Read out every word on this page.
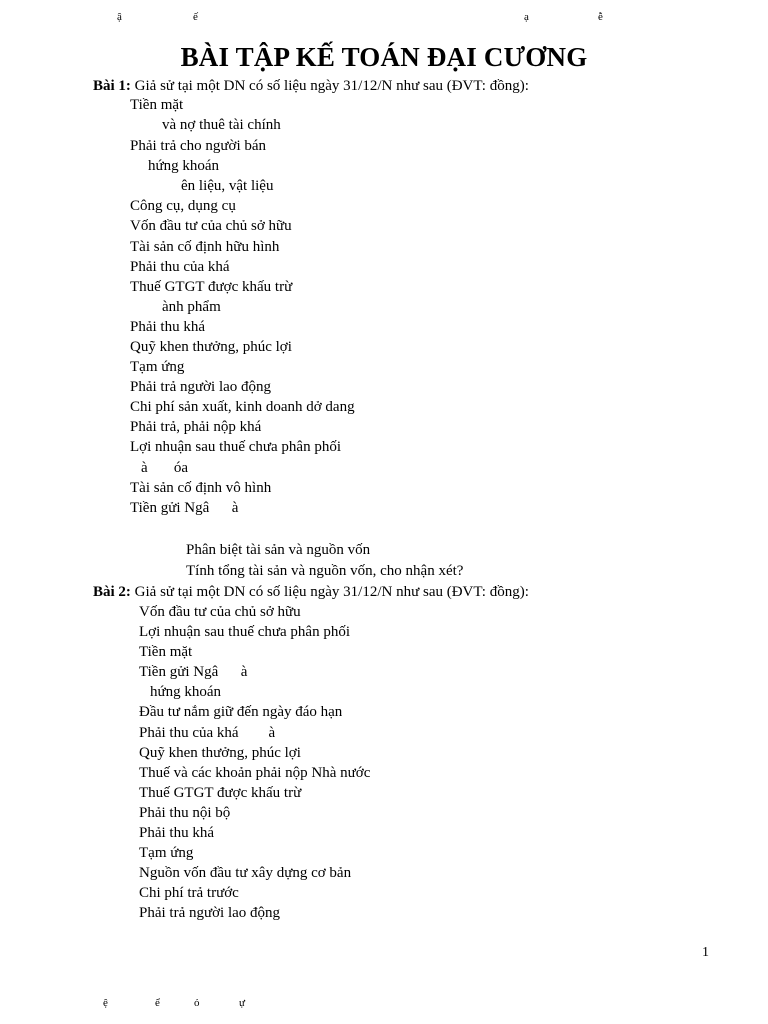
ậ	ế	ạ	ễ
BÀI TẬP KẾ TOÁN ĐẠI CƯƠNG
Bài 1: Giả sử tại một DN có số liệu ngày 31/12/N như sau (ĐVT: đồng):
Tiền mặt
và nợ thuê tài chính
Phải trả cho người bán
hứng khoán
ên liệu, vật liệu
Công cụ, dụng cụ
Vốn đầu tư của chủ sở hữu
Tài sản cố định hữu hình
Phải thu của khá
Thuế GTGT được khấu trừ
ành phẩm
Phải thu khá
Quỹ khen thưởng, phúc lợi
Tạm ứng
Phải trả người lao động
Chi phí sản xuất, kinh doanh dở dang
Phải trả, phải nộp khá
Lợi nhuận sau thuế chưa phân phối
à       óa
Tài sản cố định vô hình
Tiền gửi Ngâ      à
Phân biệt tài sản và nguồn vốn
Tính tổng tài sản và nguồn vốn, cho nhận xét?
Bài 2: Giả sử tại một DN có số liệu ngày 31/12/N như sau (ĐVT: đồng):
Vốn đầu tư của chủ sở hữu
Lợi nhuận sau thuế chưa phân phối
Tiền mặt
Tiền gửi Ngâ      à
hứng khoán
Đầu tư nắm giữ đến ngày đáo hạn
Phải thu của khá        à
Quỹ khen thưởng, phúc lợi
Thuế và các khoản phải nộp Nhà nước
Thuế GTGT được khấu trừ
Phải thu nội bộ
Phải thu khá
Tạm ứng
Nguồn vốn đầu tư xây dựng cơ bản
Chi phí trả trước
Phải trả người lao động
1
ệ	ể	ỏ	ự
